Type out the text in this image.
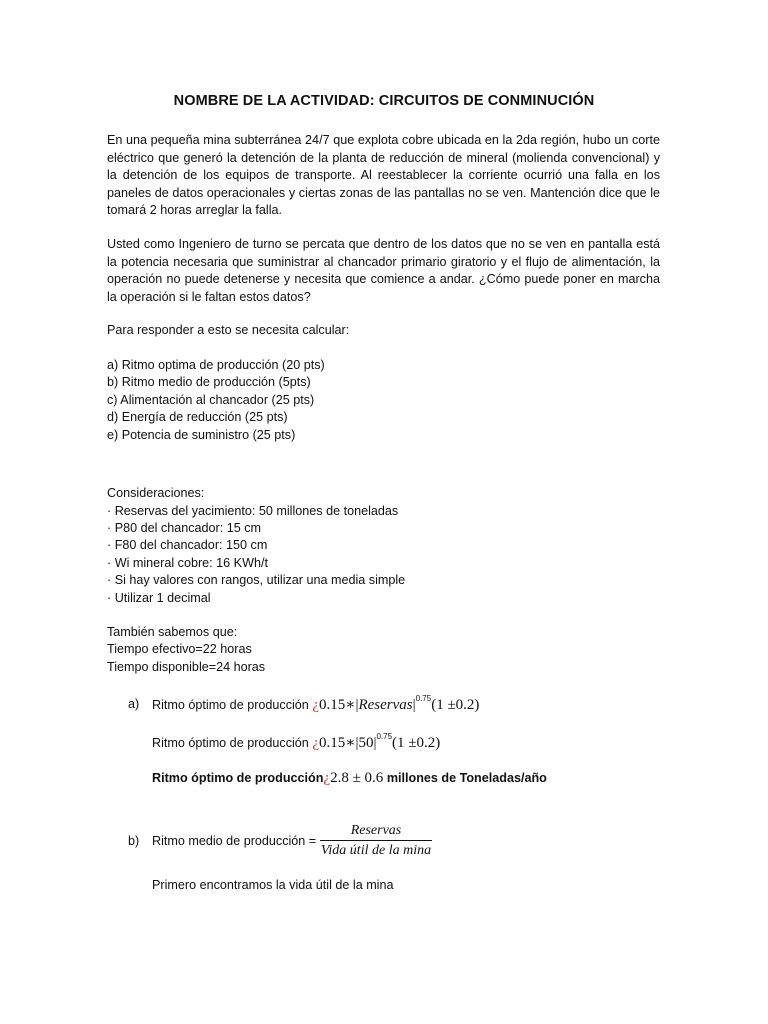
NOMBRE DE LA ACTIVIDAD: CIRCUITOS DE CONMINUCIÓN
En una pequeña mina subterránea 24/7 que explota cobre ubicada en la 2da región, hubo un corte eléctrico que generó la detención de la planta de reducción de mineral (molienda convencional) y la detención de los equipos de transporte. Al reestablecer la corriente ocurrió una falla en los paneles de datos operacionales y ciertas zonas de las pantallas no se ven. Mantención dice que le tomará 2 horas arreglar la falla.
Usted como Ingeniero de turno se percata que dentro de los datos que no se ven en pantalla está la potencia necesaria que suministrar al chancador primario giratorio y el flujo de alimentación, la operación no puede detenerse y necesita que comience a andar. ¿Cómo puede poner en marcha la operación si le faltan estos datos?
Para responder a esto se necesita calcular:
a) Ritmo optima de producción (20 pts)
b) Ritmo medio de producción (5pts)
c) Alimentación al chancador (25 pts)
d) Energía de reducción (25 pts)
e) Potencia de suministro (25 pts)
Consideraciones:
· Reservas del yacimiento: 50 millones de toneladas
· P80 del chancador: 15 cm
· F80 del chancador: 150 cm
· Wi mineral cobre: 16 KWh/t
· Si hay valores con rangos, utilizar una media simple
· Utilizar 1 decimal
También sabemos que:
Tiempo efectivo=22 horas
Tiempo disponible=24 horas
a) Ritmo óptimo de producción ¿$0.15∗|Reservas|^{0.75}(1 \pm 0.2)$
Ritmo óptimo de producción ¿$0.15∗|50|^{0.75}(1 \pm 0.2)$
Ritmo óptimo de producción¿2.8 ± 0.6 millones de Toneladas/año
b) Ritmo medio de producción =
Reservas
Vida útil de la mina
Primero encontramos la vida útil de la mina
